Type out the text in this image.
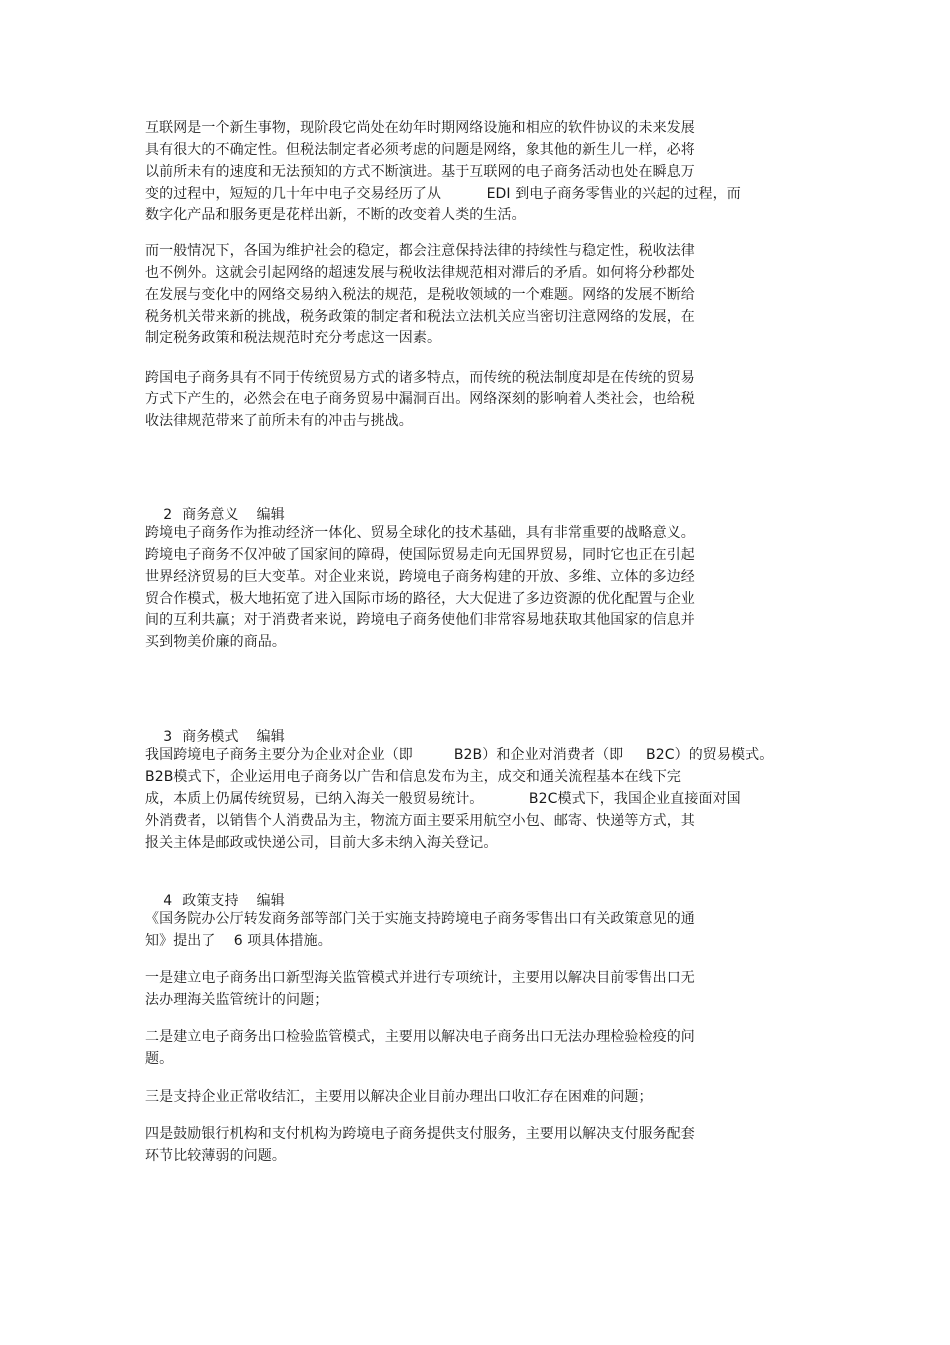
互联网是一个新生事物，现阶段它尚处在幼年时期网络设施和相应的软件协议的未来发展
具有很大的不确定性。但税法制定者必须考虑的问题是网络，象其他的新生儿一样，必将
以前所未有的速度和无法预知的方式不断演进。基于互联网的电子商务活动也处在瞬息万
变的过程中，短短的几十年中电子交易经历了从          EDI 到电子商务零售业的兴起的过程，而
数字化产品和服务更是花样出新，不断的改变着人类的生活。
而一般情况下，各国为维护社会的稳定，都会注意保持法律的持续性与稳定性，税收法律
也不例外。这就会引起网络的超速发展与税收法律规范相对滞后的矛盾。如何将分秒都处
在发展与变化中的网络交易纳入税法的规范，是税收领域的一个难题。网络的发展不断给
税务机关带来新的挑战，税务政策的制定者和税法立法机关应当密切注意网络的发展，在
制定税务政策和税法规范时充分考虑这一因素。
跨国电子商务具有不同于传统贸易方式的诸多特点，而传统的税法制度却是在传统的贸易
方式下产生的，必然会在电子商务贸易中漏洞百出。网络深刻的影响着人类社会，也给税
收法律规范带来了前所未有的冲击与挑战。

2 商务意义 编辑

跨境电子商务作为推动经济一体化、贸易全球化的技术基础，具有非常重要的战略意义。
跨境电子商务不仅冲破了国家间的障碍，使国际贸易走向无国界贸易，同时它也正在引起
世界经济贸易的巨大变革。对企业来说，跨境电子商务构建的开放、多维、立体的多边经
贸合作模式，极大地拓宽了进入国际市场的路径，大大促进了多边资源的优化配置与企业
间的互利共赢；对于消费者来说，跨境电子商务使他们非常容易地获取其他国家的信息并
买到物美价廉的商品。

3 商务模式 编辑

我国跨境电子商务主要分为企业对企业（即         B2B）和企业对消费者（即     B2C）的贸易模式。
B2B模式下，企业运用电子商务以广告和信息发布为主，成交和通关流程基本在线下完
成，本质上仍属传统贸易，已纳入海关一般贸易统计。          B2C模式下，我国企业直接面对国
外消费者，以销售个人消费品为主，物流方面主要采用航空小包、邮寄、快递等方式，其
报关主体是邮政或快递公司，目前大多未纳入海关登记。

4 政策支持 编辑

《国务院办公厅转发商务部等部门关于实施支持跨境电子商务零售出口有关政策意见的通
知》提出了    6 项具体措施。
一是建立电子商务出口新型海关监管模式并进行专项统计，主要用以解决目前零售出口无
法办理海关监管统计的问题；
二是建立电子商务出口检验监管模式，主要用以解决电子商务出口无法办理检验检疫的问
题。
三是支持企业正常收结汇，主要用以解决企业目前办理出口收汇存在困难的问题；
四是鼓励银行机构和支付机构为跨境电子商务提供支付服务，主要用以解决支付服务配套
环节比较薄弱的问题。
